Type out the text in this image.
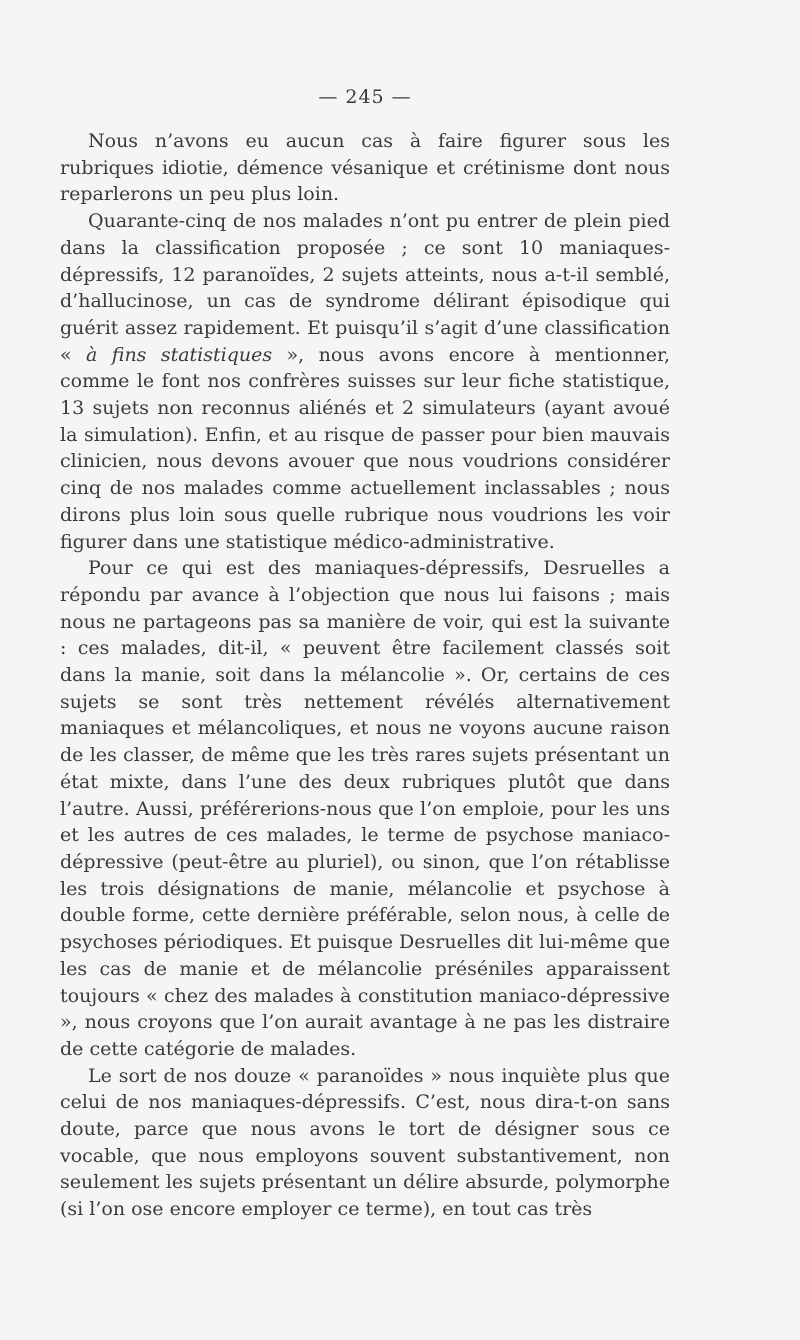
— 245 —

Nous n’avons eu aucun cas à faire figurer sous les rubriques idiotie, démence vésanique et crétinisme dont nous reparlerons un peu plus loin.

Quarante-cinq de nos malades n’ont pu entrer de plein pied dans la classification proposée ; ce sont 10 maniaques-dépressifs, 12 paranoïdes, 2 sujets atteints, nous a-t-il semblé, d’hallucinose, un cas de syndrome délirant épisodique qui guérit assez rapidement. Et puisqu’il s’agit d’une classification « à fins statistiques », nous avons encore à mentionner, comme le font nos confrères suisses sur leur fiche statistique, 13 sujets non reconnus aliénés et 2 simulateurs (ayant avoué la simulation). Enfin, et au risque de passer pour bien mauvais clinicien, nous devons avouer que nous voudrions considérer cinq de nos malades comme actuellement inclassables ; nous dirons plus loin sous quelle rubrique nous voudrions les voir figurer dans une statistique médico-administrative.

Pour ce qui est des maniaques-dépressifs, Desruelles a répondu par avance à l’objection que nous lui faisons ; mais nous ne partageons pas sa manière de voir, qui est la suivante : ces malades, dit-il, « peuvent être facilement classés soit dans la manie, soit dans la mélancolie ». Or, certains de ces sujets se sont très nettement révélés alternativement maniaques et mélancoliques, et nous ne voyons aucune raison de les classer, de même que les très rares sujets présentant un état mixte, dans l’une des deux rubriques plutôt que dans l’autre. Aussi, préférerions-nous que l’on emploie, pour les uns et les autres de ces malades, le terme de psychose maniaco-dépressive (peut-être au pluriel), ou sinon, que l’on rétablisse les trois désignations de manie, mélancolie et psychose à double forme, cette dernière préférable, selon nous, à celle de psychoses périodiques. Et puisque Desruelles dit lui-même que les cas de manie et de mélancolie préséniles apparaissent toujours « chez des malades à constitution maniaco-dépressive », nous croyons que l’on aurait avantage à ne pas les distraire de cette catégorie de malades.

Le sort de nos douze « paranoïdes » nous inquiète plus que celui de nos maniaques-dépressifs. C’est, nous dira-t-on sans doute, parce que nous avons le tort de désigner sous ce vocable, que nous employons souvent substantivement, non seulement les sujets présentant un délire absurde, polymorphe (si l’on ose encore employer ce terme), en tout cas très
